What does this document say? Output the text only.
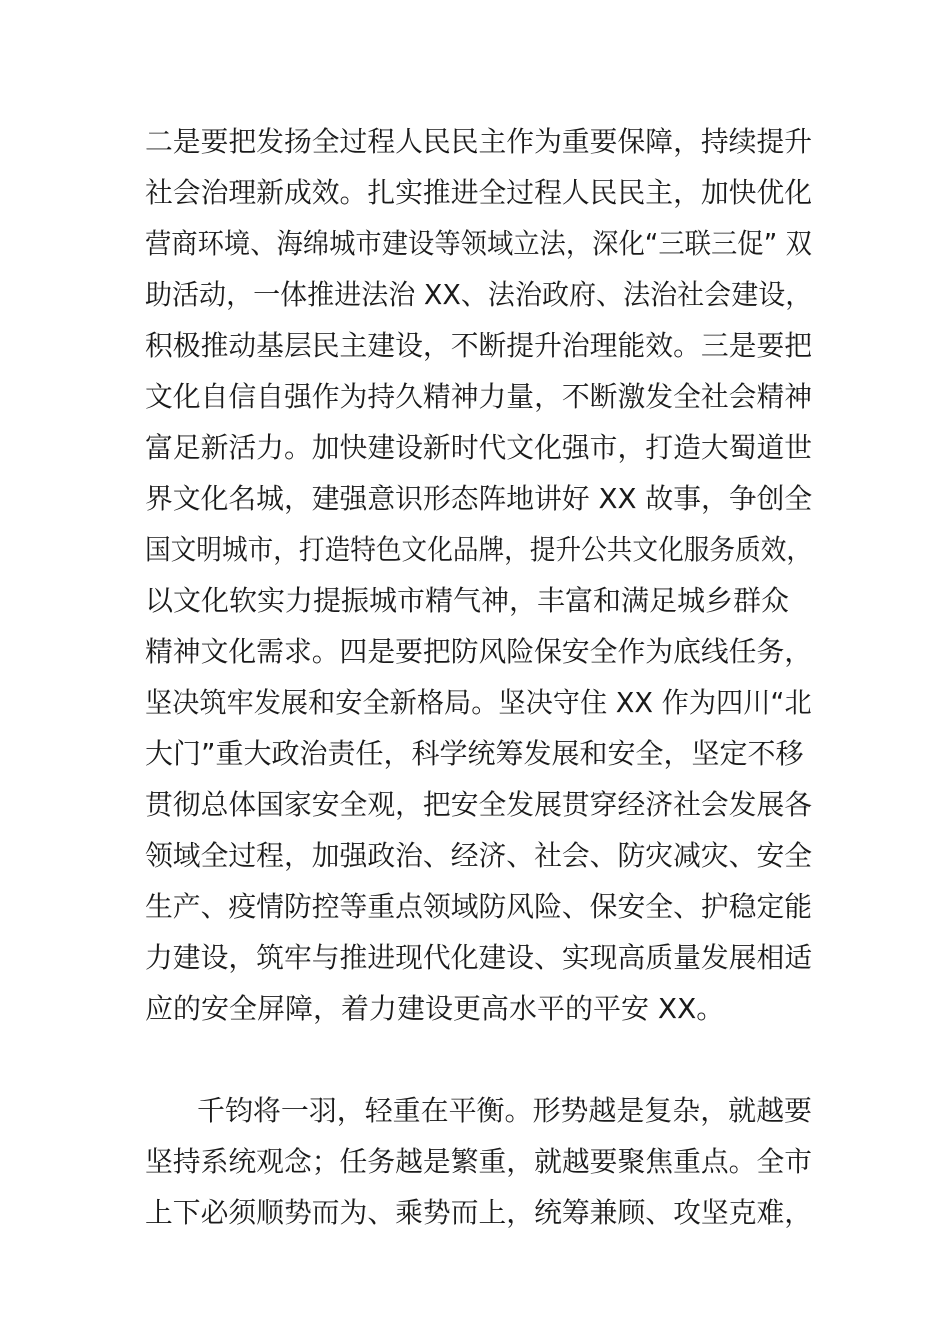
二是要把发扬全过程人民民主作为重要保障，持续提升
社会治理新成效。扎实推进全过程人民民主，加快优化
营商环境、海绵城市建设等领域立法，深化“三联三促” 双
助活动，一体推进法治 XX、法治政府、法治社会建设，
积极推动基层民主建设，不断提升治理能效。三是要把
文化自信自强作为持久精神力量，不断激发全社会精神
富足新活力。加快建设新时代文化强市，打造大蜀道世
界文化名城，建强意识形态阵地讲好 XX 故事，争创全
国文明城市，打造特色文化品牌，提升公共文化服务质效，
以文化软实力提振城市精气神，丰富和满足城乡群众
精神文化需求。四是要把防风险保安全作为底线任务，
坚决筑牢发展和安全新格局。坚决守住 XX 作为四川“北
大门”重大政治责任，科学统筹发展和安全，坚定不移
贯彻总体国家安全观，把安全发展贯穿经济社会发展各
领域全过程，加强政治、经济、社会、防灾减灾、安全
生产、疫情防控等重点领域防风险、保安全、护稳定能
力建设，筑牢与推进现代化建设、实现高质量发展相适
应的安全屏障，着力建设更高水平的平安 XX。
千钧将一羽，轻重在平衡。形势越是复杂，就越要
坚持系统观念；任务越是繁重，就越要聚焦重点。全市
上下必须顺势而为、乘势而上，统筹兼顾、攻坚克难，
